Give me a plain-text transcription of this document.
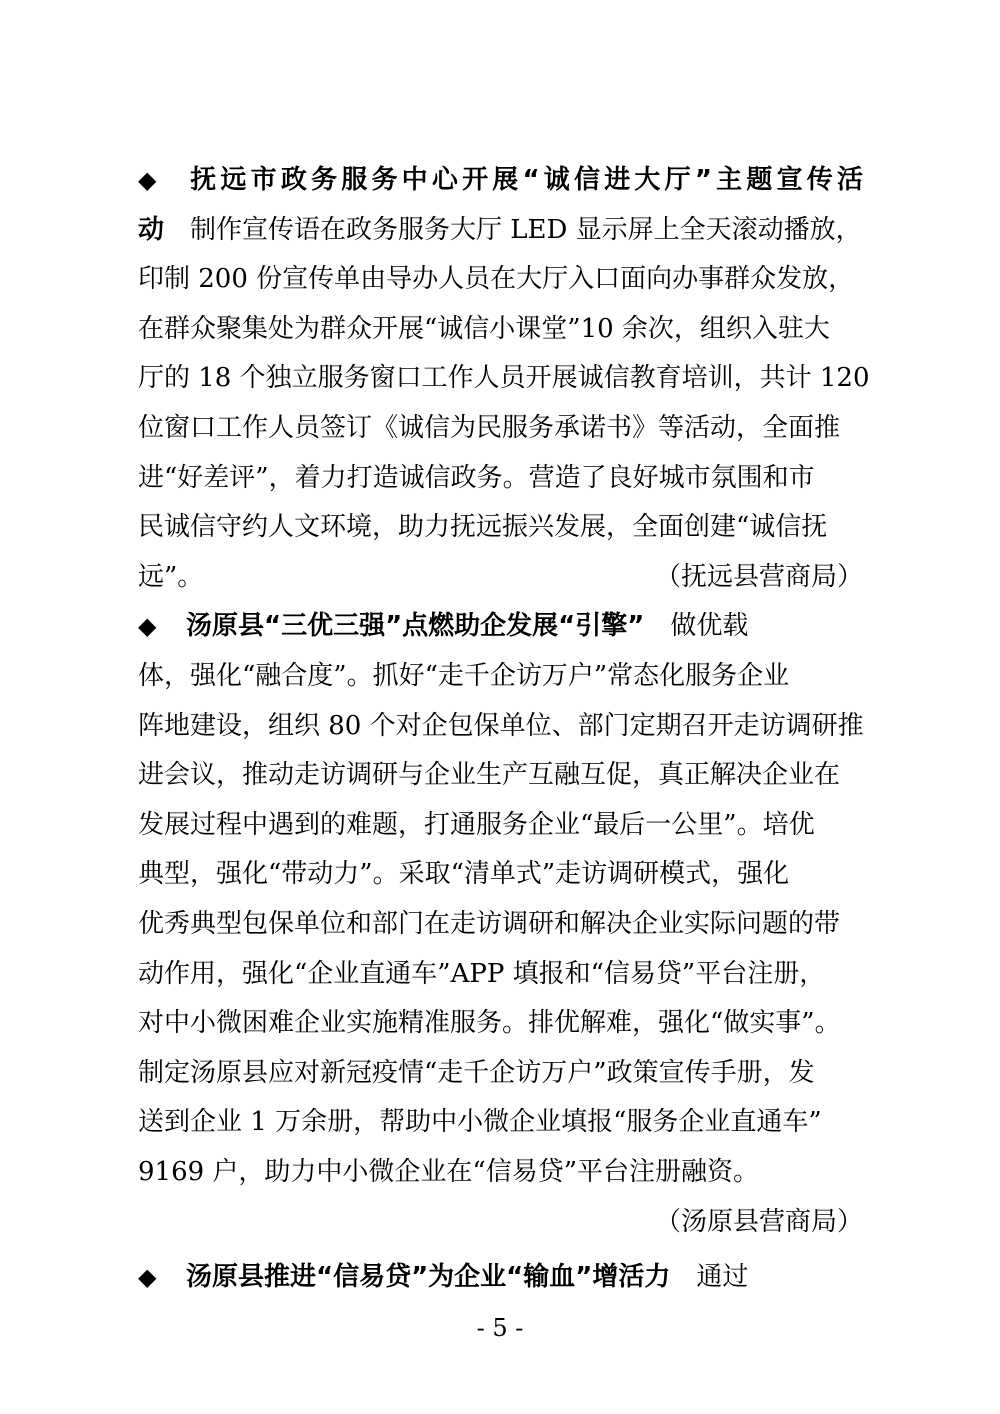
◆ 抚远市政务服务中心开展“诚信进大厅”主题宣传活
动 制作宣传语在政务服务大厅 LED 显示屏上全天滚动播放，
印制 200 份宣传单由导办人员在大厅入口面向办事群众发放，
在群众聚集处为群众开展“诚信小课堂”10 余次，组织入驻大
厅的 18 个独立服务窗口工作人员开展诚信教育培训，共计 120
位窗口工作人员签订《诚信为民服务承诺书》等活动，全面推
进“好差评”，着力打造诚信政务。营造了良好城市氛围和市
民诚信守约人文环境，助力抚远振兴发展，全面创建“诚信抚
远”。	（抚远县营商局）
◆ 汤原县“三优三强”点燃助企发展“引擎” 做优载
体，强化“融合度”。抓好“走千企访万户”常态化服务企业
阵地建设，组织 80 个对企包保单位、部门定期召开走访调研推
进会议，推动走访调研与企业生产互融互促，真正解决企业在
发展过程中遇到的难题，打通服务企业“最后一公里”。培优
典型，强化“带动力”。采取“清单式”走访调研模式，强化
优秀典型包保单位和部门在走访调研和解决企业实际问题的带
动作用，强化“企业直通车”APP 填报和“信易贷”平台注册，
对中小微困难企业实施精准服务。排优解难，强化“做实事”。
制定汤原县应对新冠疫情“走千企访万户”政策宣传手册，发
送到企业 1 万余册，帮助中小微企业填报“服务企业直通车”
9169 户，助力中小微企业在“信易贷”平台注册融资。
（汤原县营商局）
- 5 -
◆ 汤原县推进“信易贷”为企业“输血”增活力 通过
